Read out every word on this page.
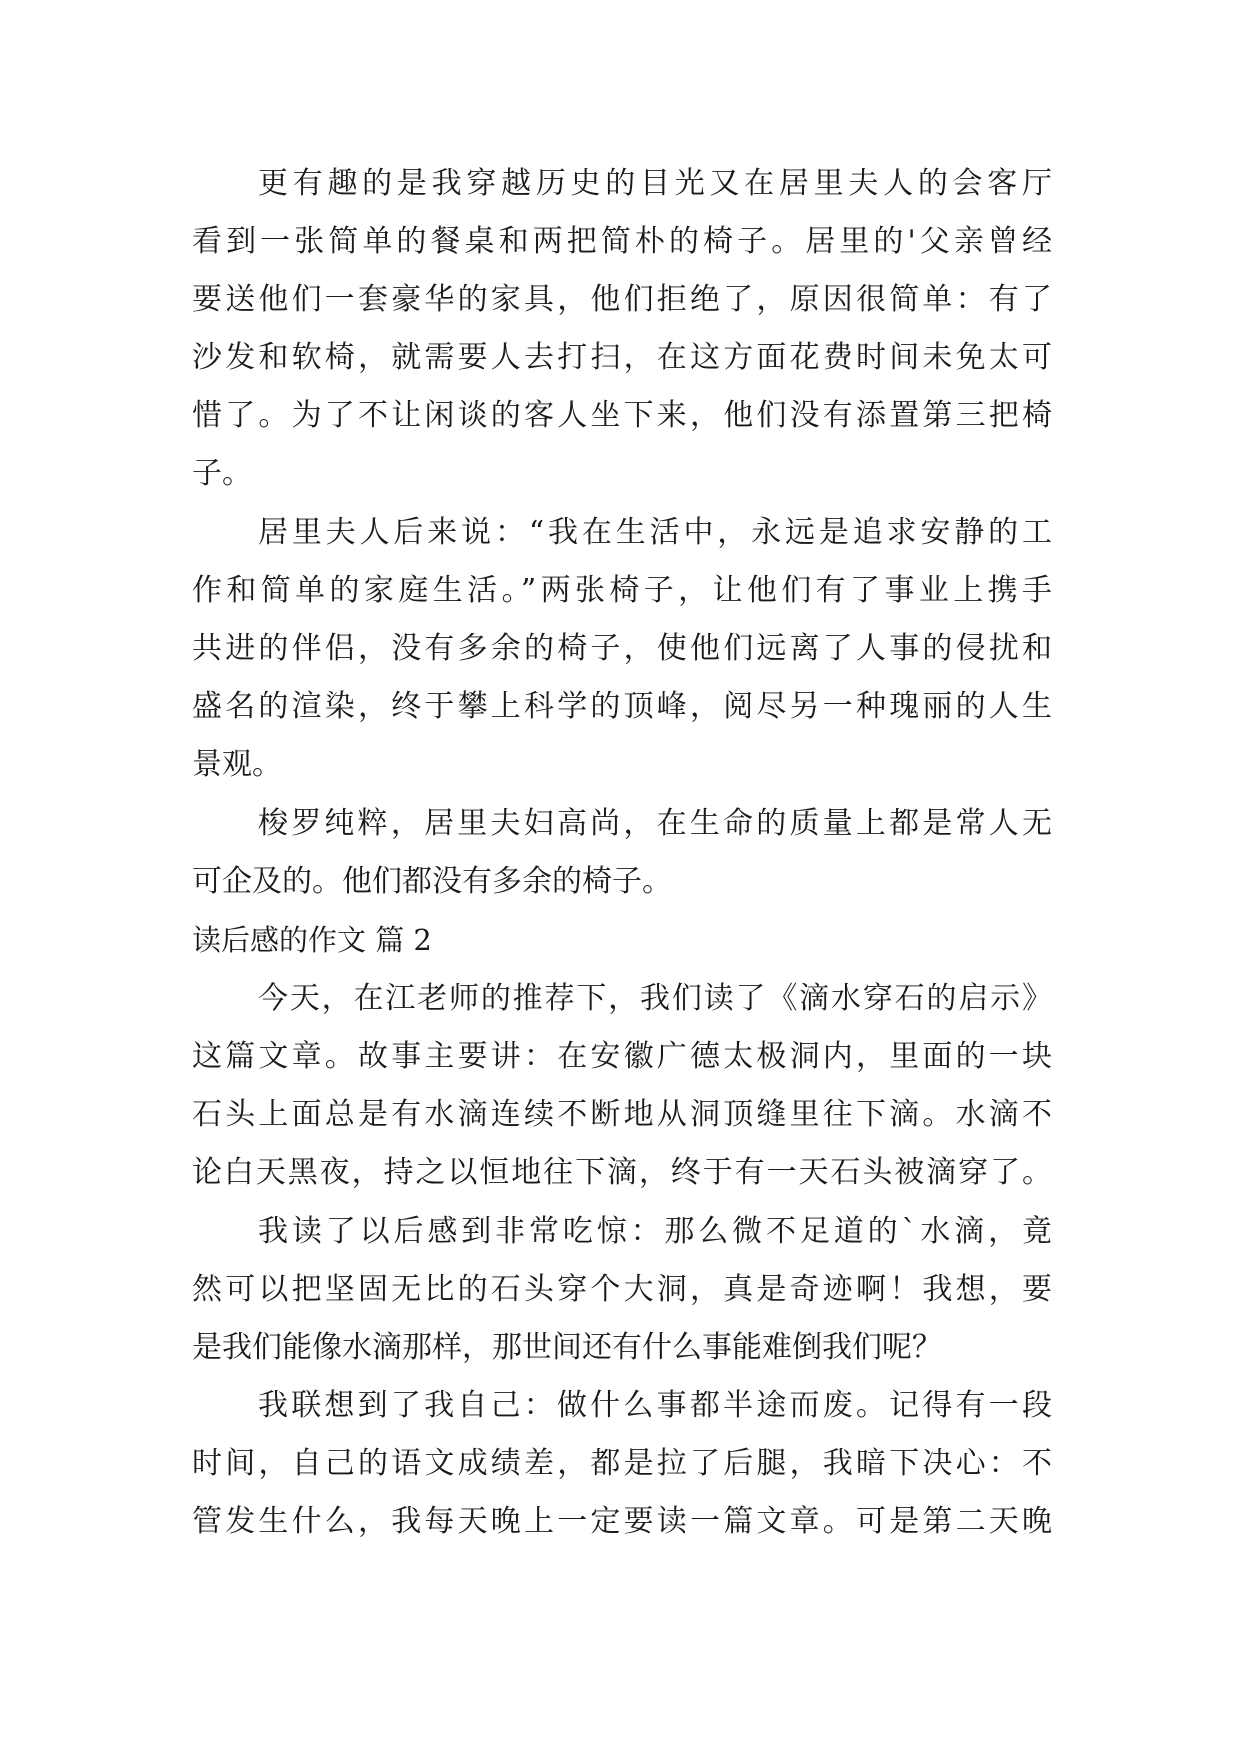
更有趣的是我穿越历史的目光又在居里夫人的会客厅
看到一张简单的餐桌和两把简朴的椅子。居里的'父亲曾经
要送他们一套豪华的家具，他们拒绝了，原因很简单：有了
沙发和软椅，就需要人去打扫，在这方面花费时间未免太可
惜了。为了不让闲谈的客人坐下来，他们没有添置第三把椅
子。
居里夫人后来说：“我在生活中，永远是追求安静的工
作和简单的家庭生活。”两张椅子，让他们有了事业上携手
共进的伴侣，没有多余的椅子，使他们远离了人事的侵扰和
盛名的渲染，终于攀上科学的顶峰，阅尽另一种瑰丽的人生
景观。
梭罗纯粹，居里夫妇高尚，在生命的质量上都是常人无
可企及的。他们都没有多余的椅子。
读后感的作文 篇 2
今天，在江老师的推荐下，我们读了《滴水穿石的启示》
这篇文章。故事主要讲：在安徽广德太极洞内，里面的一块
石头上面总是有水滴连续不断地从洞顶缝里往下滴。水滴不
论白天黑夜，持之以恒地往下滴，终于有一天石头被滴穿了。
我读了以后感到非常吃惊：那么微不足道的`水滴，竟
然可以把坚固无比的石头穿个大洞，真是奇迹啊！我想，要
是我们能像水滴那样，那世间还有什么事能难倒我们呢？
我联想到了我自己：做什么事都半途而废。记得有一段
时间，自己的语文成绩差，都是拉了后腿，我暗下决心：不
管发生什么，我每天晚上一定要读一篇文章。可是第二天晚
